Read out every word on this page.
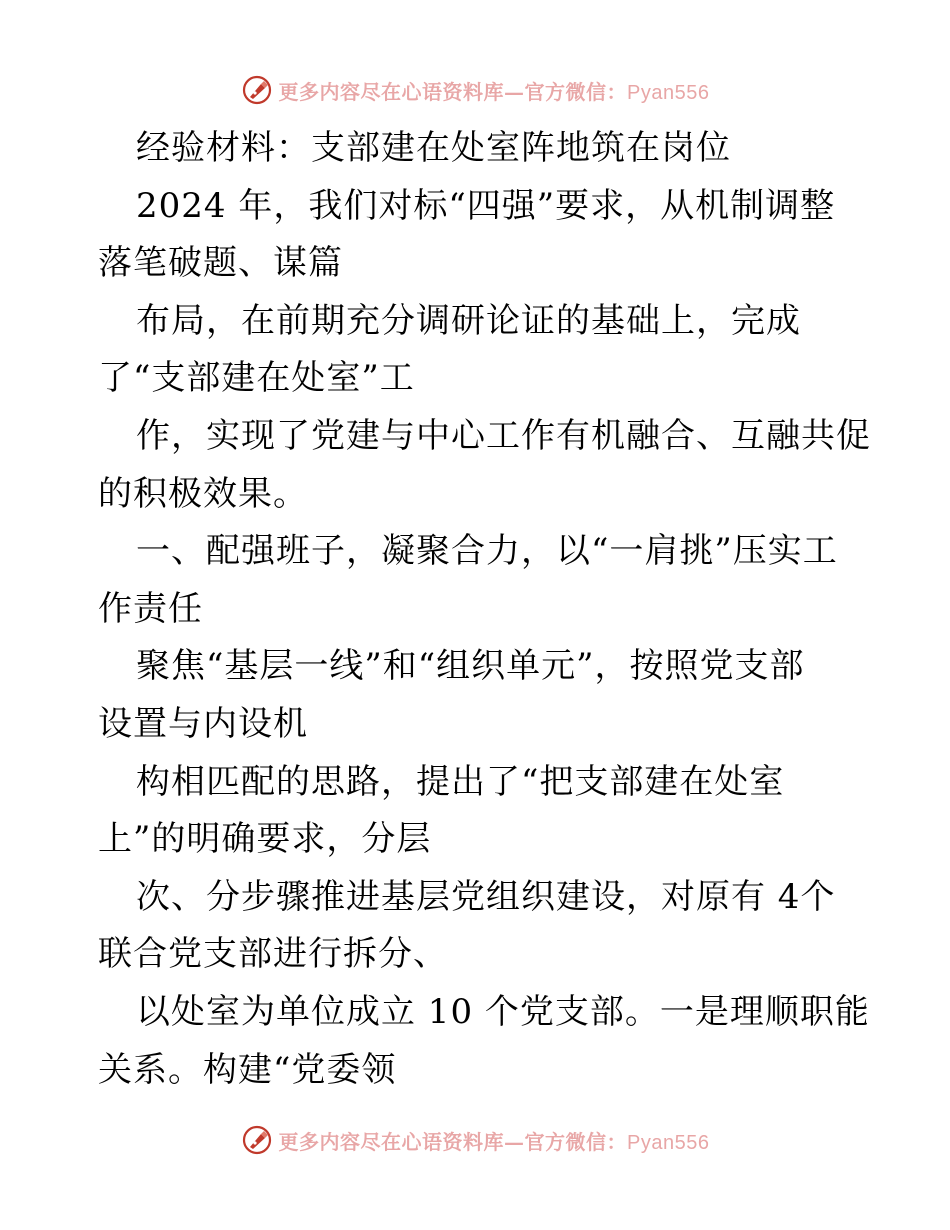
更多内容尽在心语资料库—官方微信：Pyan556
经验材料：支部建在处室阵地筑在岗位
2024 年，我们对标“四强”要求，从机制调整
落笔破题、谋篇
布局，在前期充分调研论证的基础上，完成
了“支部建在处室”工
作，实现了党建与中心工作有机融合、互融共促
的积极效果。
一、配强班子，凝聚合力，以“一肩挑”压实工
作责任
聚焦“基层一线”和“组织单元”，按照党支部
设置与内设机
构相匹配的思路，提出了“把支部建在处室
上”的明确要求，分层
次、分步骤推进基层党组织建设，对原有 4个
联合党支部进行拆分、
以处室为单位成立 10 个党支部。一是理顺职能
关系。构建“党委领
更多内容尽在心语资料库—官方微信：Pyan556
